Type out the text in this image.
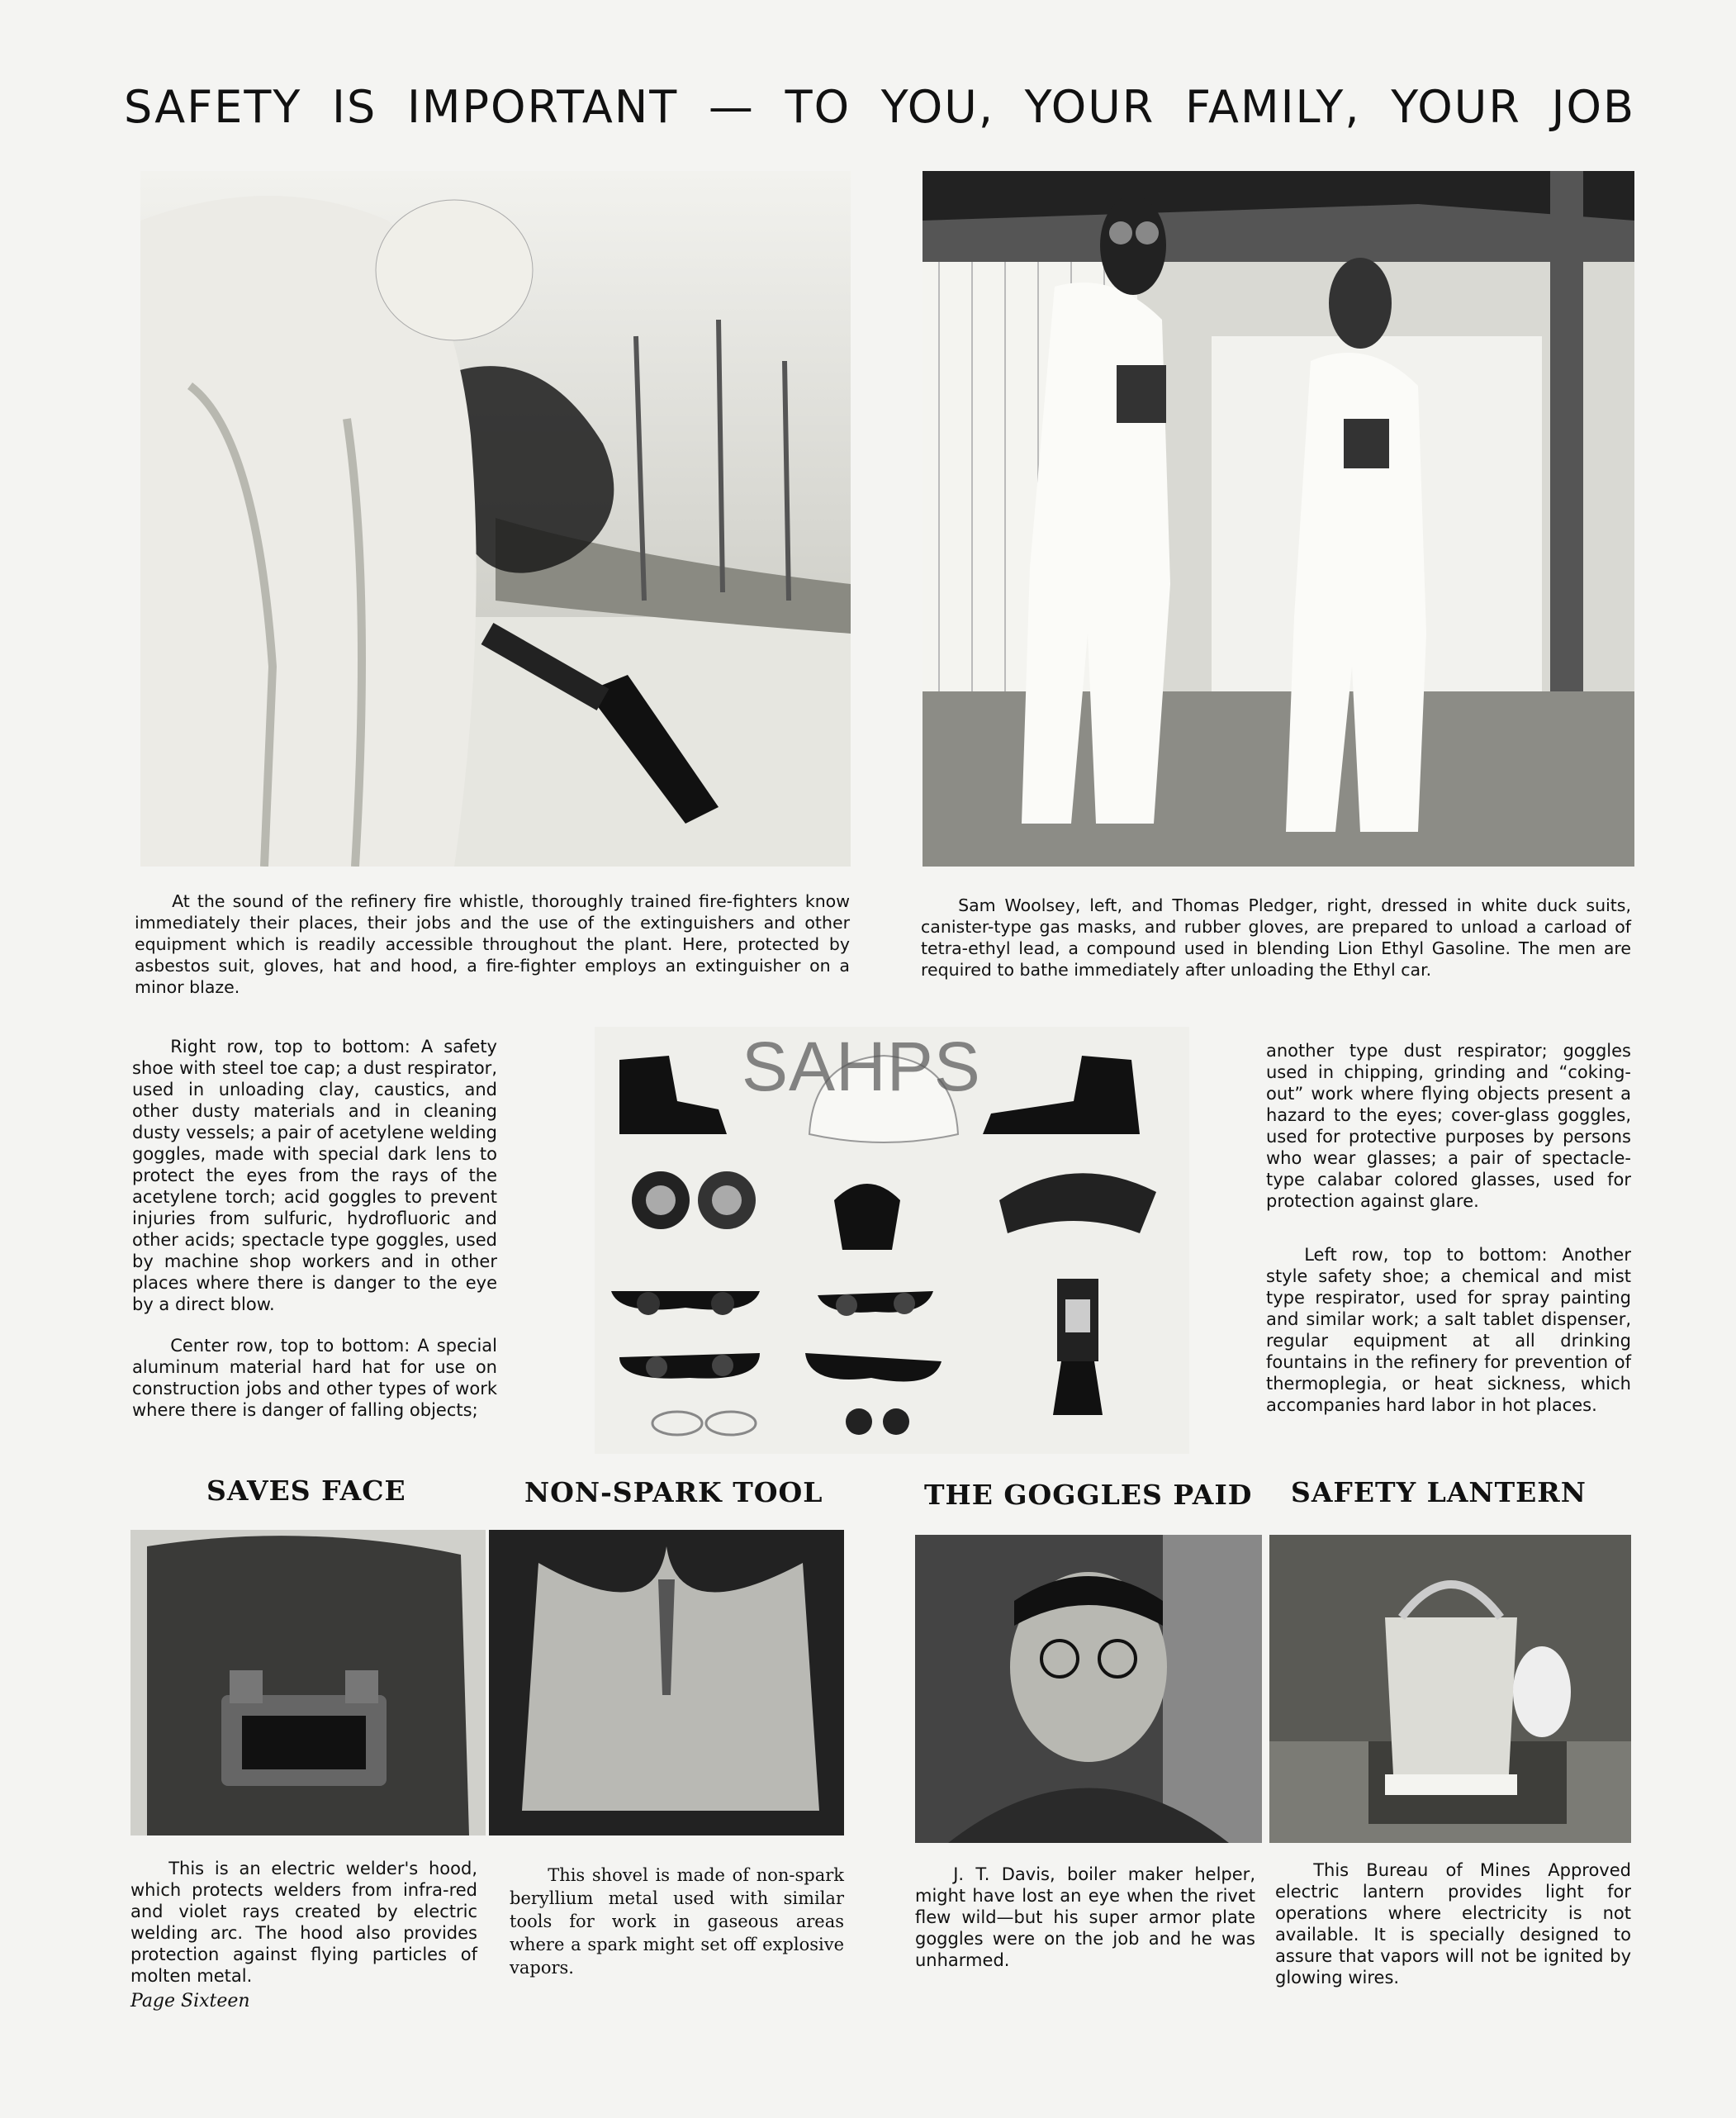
SAFETY IS IMPORTANT — TO YOU, YOUR FAMILY, YOUR JOB

At the sound of the refinery fire whistle, thoroughly trained fire-fighters know immediately their places, their jobs and the use of the extinguishers and other equipment which is readily accessible throughout the plant. Here, protected by asbestos suit, gloves, hat and hood, a fire-fighter employs an extinguisher on a minor blaze.

Sam Woolsey, left, and Thomas Pledger, right, dressed in white duck suits, canister-type gas masks, and rubber gloves, are prepared to unload a carload of tetra-ethyl lead, a compound used in blending Lion Ethyl Gasoline. The men are required to bathe immediately after unloading the Ethyl car.

Right row, top to bottom: A safety shoe with steel toe cap; a dust respirator, used in unloading clay, caustics, and other dusty materials and in cleaning dusty vessels; a pair of acetylene welding goggles, made with special dark lens to protect the eyes from the rays of the acetylene torch; acid goggles to prevent injuries from sulfuric, hydrofluoric and other acids; spectacle type goggles, used by machine shop workers and in other places where there is danger to the eye by a direct blow.

Center row, top to bottom: A special aluminum material hard hat for use on construction jobs and other types of work where there is danger of falling objects;

SAHPS	another type dust respirator; goggles used in chipping, grinding and “coking-out” work where flying objects present a hazard to the eyes; cover-glass goggles, used for protective purposes by persons who wear glasses; a pair of spectacle-type calabar colored glasses, used for protection against glare.

Left row, top to bottom: Another style safety shoe; a chemical and mist type respirator, used for spray painting and similar work; a salt tablet dispenser, regular equipment at all drinking fountains in the refinery for prevention of thermoplegia, or heat sickness, which accompanies hard labor in hot places.

SAVES FACE	NON-SPARK TOOL	THE GOGGLES PAID SAFETY LANTERN

This is an electric welder's hood, which protects welders from infra-red and violet rays created by electric welding arc. The hood also provides protection against flying particles of molten metal.

This shovel is made of non-spark beryllium metal used with similar tools for work in gaseous areas where a spark might set off explosive vapors.

J. T. Davis, boiler maker helper, might have lost an eye when the rivet flew wild—but his super armor plate goggles were on the job and he was unharmed.

This Bureau of Mines Approved electric lantern provides light for operations where electricity is not available. It is specially designed to assure that vapors will not be ignited by glowing wires.

Page Sixteen
